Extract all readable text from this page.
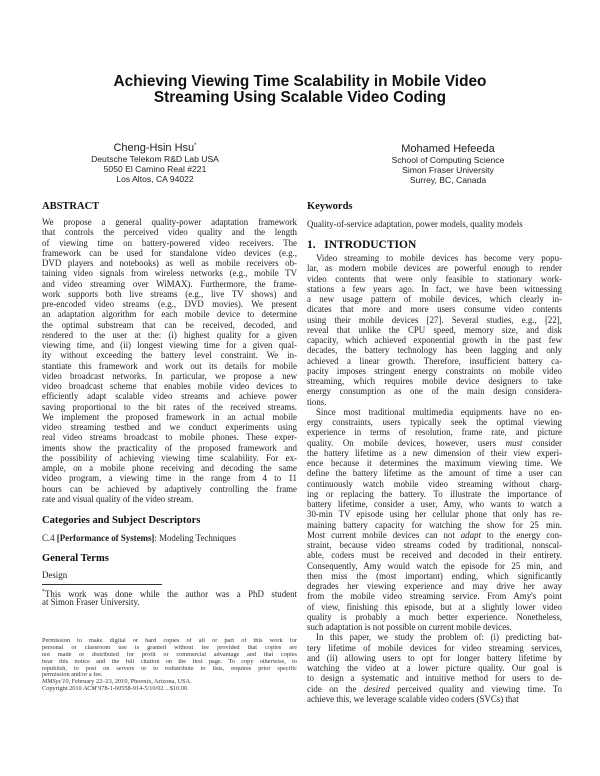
Achieving Viewing Time Scalability in Mobile Video
Streaming Using Scalable Video Coding
Cheng-Hsin Hsu*
Deutsche Telekom R&D Lab USA
5050 El Camino Real #221
Los Altos, CA 94022
Mohamed Hefeeda
School of Computing Science
Simon Fraser University
Surrey, BC, Canada
ABSTRACT
We propose a general quality-power adaptation framework
that controls the perceived video quality and the length
of viewing time on battery-powered video receivers. The
framework can be used for standalone video devices (e.g.,
DVD players and notebooks) as well as mobile receivers ob-
taining video signals from wireless networks (e.g., mobile TV
and video streaming over WiMAX). Furthermore, the frame-
work supports both live streams (e.g., live TV shows) and
pre-encoded video streams (e.g., DVD movies). We present
an adaptation algorithm for each mobile device to determine
the optimal substream that can be received, decoded, and
rendered to the user at the: (i) highest quality for a given
viewing time, and (ii) longest viewing time for a given qual-
ity without exceeding the battery level constraint. We in-
stantiate this framework and work out its details for mobile
video broadcast networks. In particular, we propose a new
video broadcast scheme that enables mobile video devices to
efficiently adapt scalable video streams and achieve power
saving proportional to the bit rates of the received streams.
We implement the proposed framework in an actual mobile
video streaming testbed and we conduct experiments using
real video streams broadcast to mobile phones. These exper-
iments show the practicality of the proposed framework and
the possibility of achieving viewing time scalability. For ex-
ample, on a mobile phone receiving and decoding the same
video program, a viewing time in the range from 4 to 11
hours can be achieved by adaptively controlling the frame
rate and visual quality of the video stream.
Categories and Subject Descriptors
C.4 [Performance of Systems]: Modeling Techniques
General Terms
Design
*This work was done while the author was a PhD student
at Simon Fraser University.
Permission to make digital or hard copies of all or part of this work for
personal or classroom use is granted without fee provided that copies are
not made or distributed for profit or commercial advantage and that copies
bear this notice and the full citation on the first page. To copy otherwise, to
republish, to post on servers or to redistribute to lists, requires prior specific
permission and/or a fee.
MMSys'10, February 22–23, 2010, Phoenix, Arizona, USA.
Copyright 2010 ACM 978-1-60558-914-5/10/02 ...$10.00.
Keywords
Quality-of-service adaptation, power models, quality models
1.   INTRODUCTION
Video streaming to mobile devices has become very popu-
lar, as modern mobile devices are powerful enough to render
video contents that were only feasible to stationary work-
stations a few years ago. In fact, we have been witnessing
a new usage pattern of mobile devices, which clearly in-
dicates that more and more users consume video contents
using their mobile devices [27]. Several studies, e.g., [22],
reveal that unlike the CPU speed, memory size, and disk
capacity, which achieved exponential growth in the past few
decades, the battery technology has been lagging and only
achieved a linear growth. Therefore, insufficient battery ca-
pacity imposes stringent energy constraints on mobile video
streaming, which requires mobile device designers to take
energy consumption as one of the main design considera-
tions.
Since most traditional multimedia equipments have no en-
ergy constraints, users typically seek the optimal viewing
experience in terms of resolution, frame rate, and picture
quality. On mobile devices, however, users must consider
the battery lifetime as a new dimension of their view experi-
ence because it determines the maximum viewing time. We
define the battery lifetime as the amount of time a user can
continuously watch mobile video streaming without charg-
ing or replacing the battery. To illustrate the importance of
battery lifetime, consider a user, Amy, who wants to watch a
30-min TV episode using her cellular phone that only has re-
maining battery capacity for watching the show for 25 min.
Most current mobile devices can not adapt to the energy con-
straint, because video streams coded by traditional, nonscal-
able, coders must be received and decoded in their entirety.
Consequently, Amy would watch the episode for 25 min, and
then miss the (most important) ending, which significantly
degrades her viewing experience and may drive her away
from the mobile video streaming service. From Amy's point
of view, finishing this episode, but at a slightly lower video
quality is probably a much better experience. Nonetheless,
such adaptation is not possible on current mobile devices.
In this paper, we study the problem of: (i) predicting bat-
tery lifetime of mobile devices for video streaming services,
and (ii) allowing users to opt for longer battery lifetime by
watching the video at a lower picture quality. Our goal is
to design a systematic and intuitive method for users to de-
cide on the desired perceived quality and viewing time. To
achieve this, we leverage scalable video coders (SVCs) that
